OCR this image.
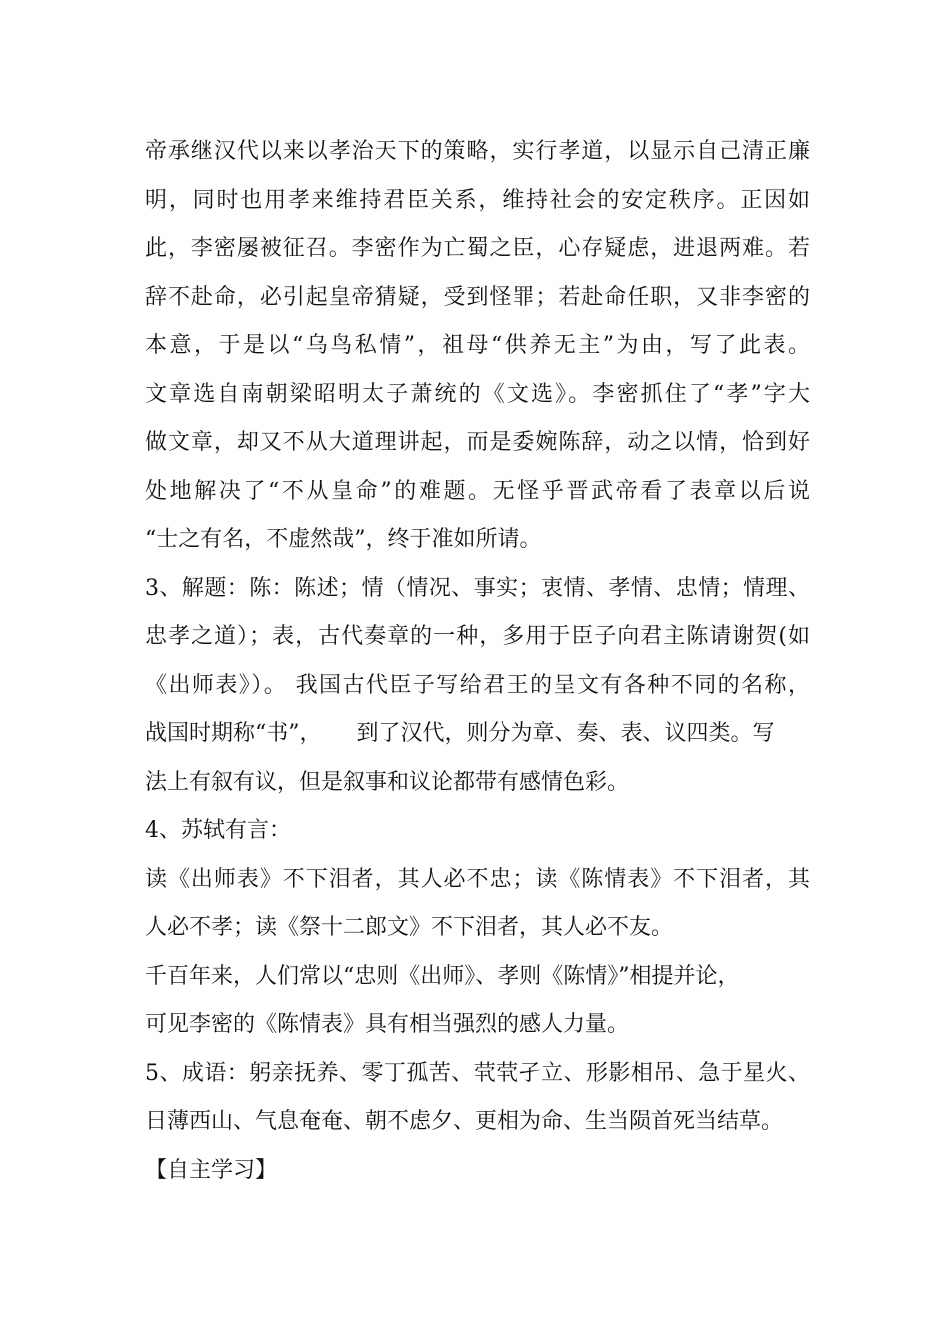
帝承继汉代以来以孝治天下的策略，实行孝道，以显示自己清正廉
明，同时也用孝来维持君臣关系，维持社会的安定秩序。正因如
此，李密屡被征召。李密作为亡蜀之臣，心存疑虑，进退两难。若
辞不赴命，必引起皇帝猜疑，受到怪罪；若赴命任职，又非李密的
本意，于是以“乌鸟私情”，祖母“供养无主”为由，写了此表。
文章选自南朝梁昭明太子萧统的《文选》。李密抓住了“孝”字大
做文章，却又不从大道理讲起，而是委婉陈辞，动之以情，恰到好
处地解决了“不从皇命”的难题。无怪乎晋武帝看了表章以后说
“士之有名，不虚然哉”，终于准如所请。
3、解题：陈：陈述；情（情况、事实；衷情、孝情、忠情；情理、
忠孝之道）；表，古代奏章的一种，多用于臣子向君主陈请谢贺(如
《出师表》）。 我国古代臣子写给君王的呈文有各种不同的名称，
战国时期称“书”，     到了汉代，则分为章、奏、表、议四类。写
法上有叙有议，但是叙事和议论都带有感情色彩。
4、苏轼有言：
读《出师表》不下泪者，其人必不忠；读《陈情表》不下泪者，其
人必不孝；读《祭十二郎文》不下泪者，其人必不友。
千百年来，人们常以“忠则《出师》、孝则《陈情》”相提并论，
可见李密的《陈情表》具有相当强烈的感人力量。
5、成语：躬亲抚养、零丁孤苦、茕茕孑立、形影相吊、急于星火、
日薄西山、气息奄奄、朝不虑夕、更相为命、生当陨首死当结草。
【自主学习】
